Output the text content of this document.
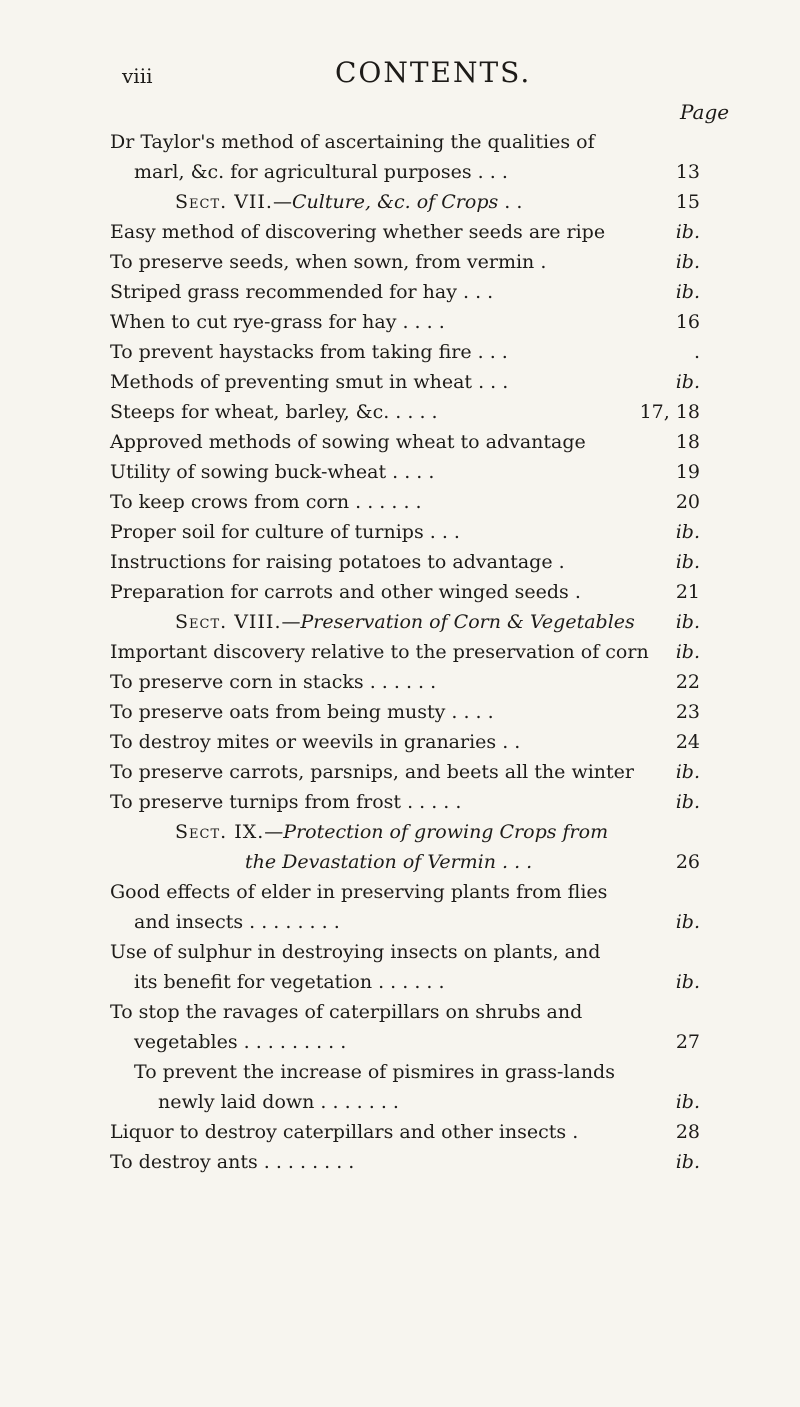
viii	CONTENTS.
Page
Dr Taylor's method of ascertaining the qualities of
marl, &c. for agricultural purposes . . .	13
Sect. VII.—Culture, &c. of Crops . .	15
Easy method of discovering whether seeds are ripe	ib.
To preserve seeds, when sown, from vermin .	ib.
Striped grass recommended for hay . . .	ib.
When to cut rye-grass for hay . . . .	16
To prevent haystacks from taking fire . . .	.
Methods of preventing smut in wheat . . .	ib.
Steeps for wheat, barley, &c. . . . .	17, 18
Approved methods of sowing wheat to advantage	18
Utility of sowing buck-wheat . . . .	19
To keep crows from corn . . . . . .	20
Proper soil for culture of turnips . . .	ib.
Instructions for raising potatoes to advantage .	ib.
Preparation for carrots and other winged seeds .	21
Sect. VIII.—Preservation of Corn & Vegetables	ib.
Important discovery relative to the preservation of corn	ib.
To preserve corn in stacks . . . . . .	22
To preserve oats from being musty . . . .	23
To destroy mites or weevils in granaries . .	24
To preserve carrots, parsnips, and beets all the winter	ib.
To preserve turnips from frost . . . . .	ib.
Sect. IX.—Protection of growing Crops from
the Devastation of Vermin . . .	26
Good effects of elder in preserving plants from flies
and insects . . . . . . . .	ib.
Use of sulphur in destroying insects on plants, and
its benefit for vegetation . . . . . .	ib.
To stop the ravages of caterpillars on shrubs and
vegetables . . . . . . . . .	27
To prevent the increase of pismires in grass-lands
newly laid down . . . . . . .	ib.
Liquor to destroy caterpillars and other insects .	28
To destroy ants . . . . . . . .	ib.
